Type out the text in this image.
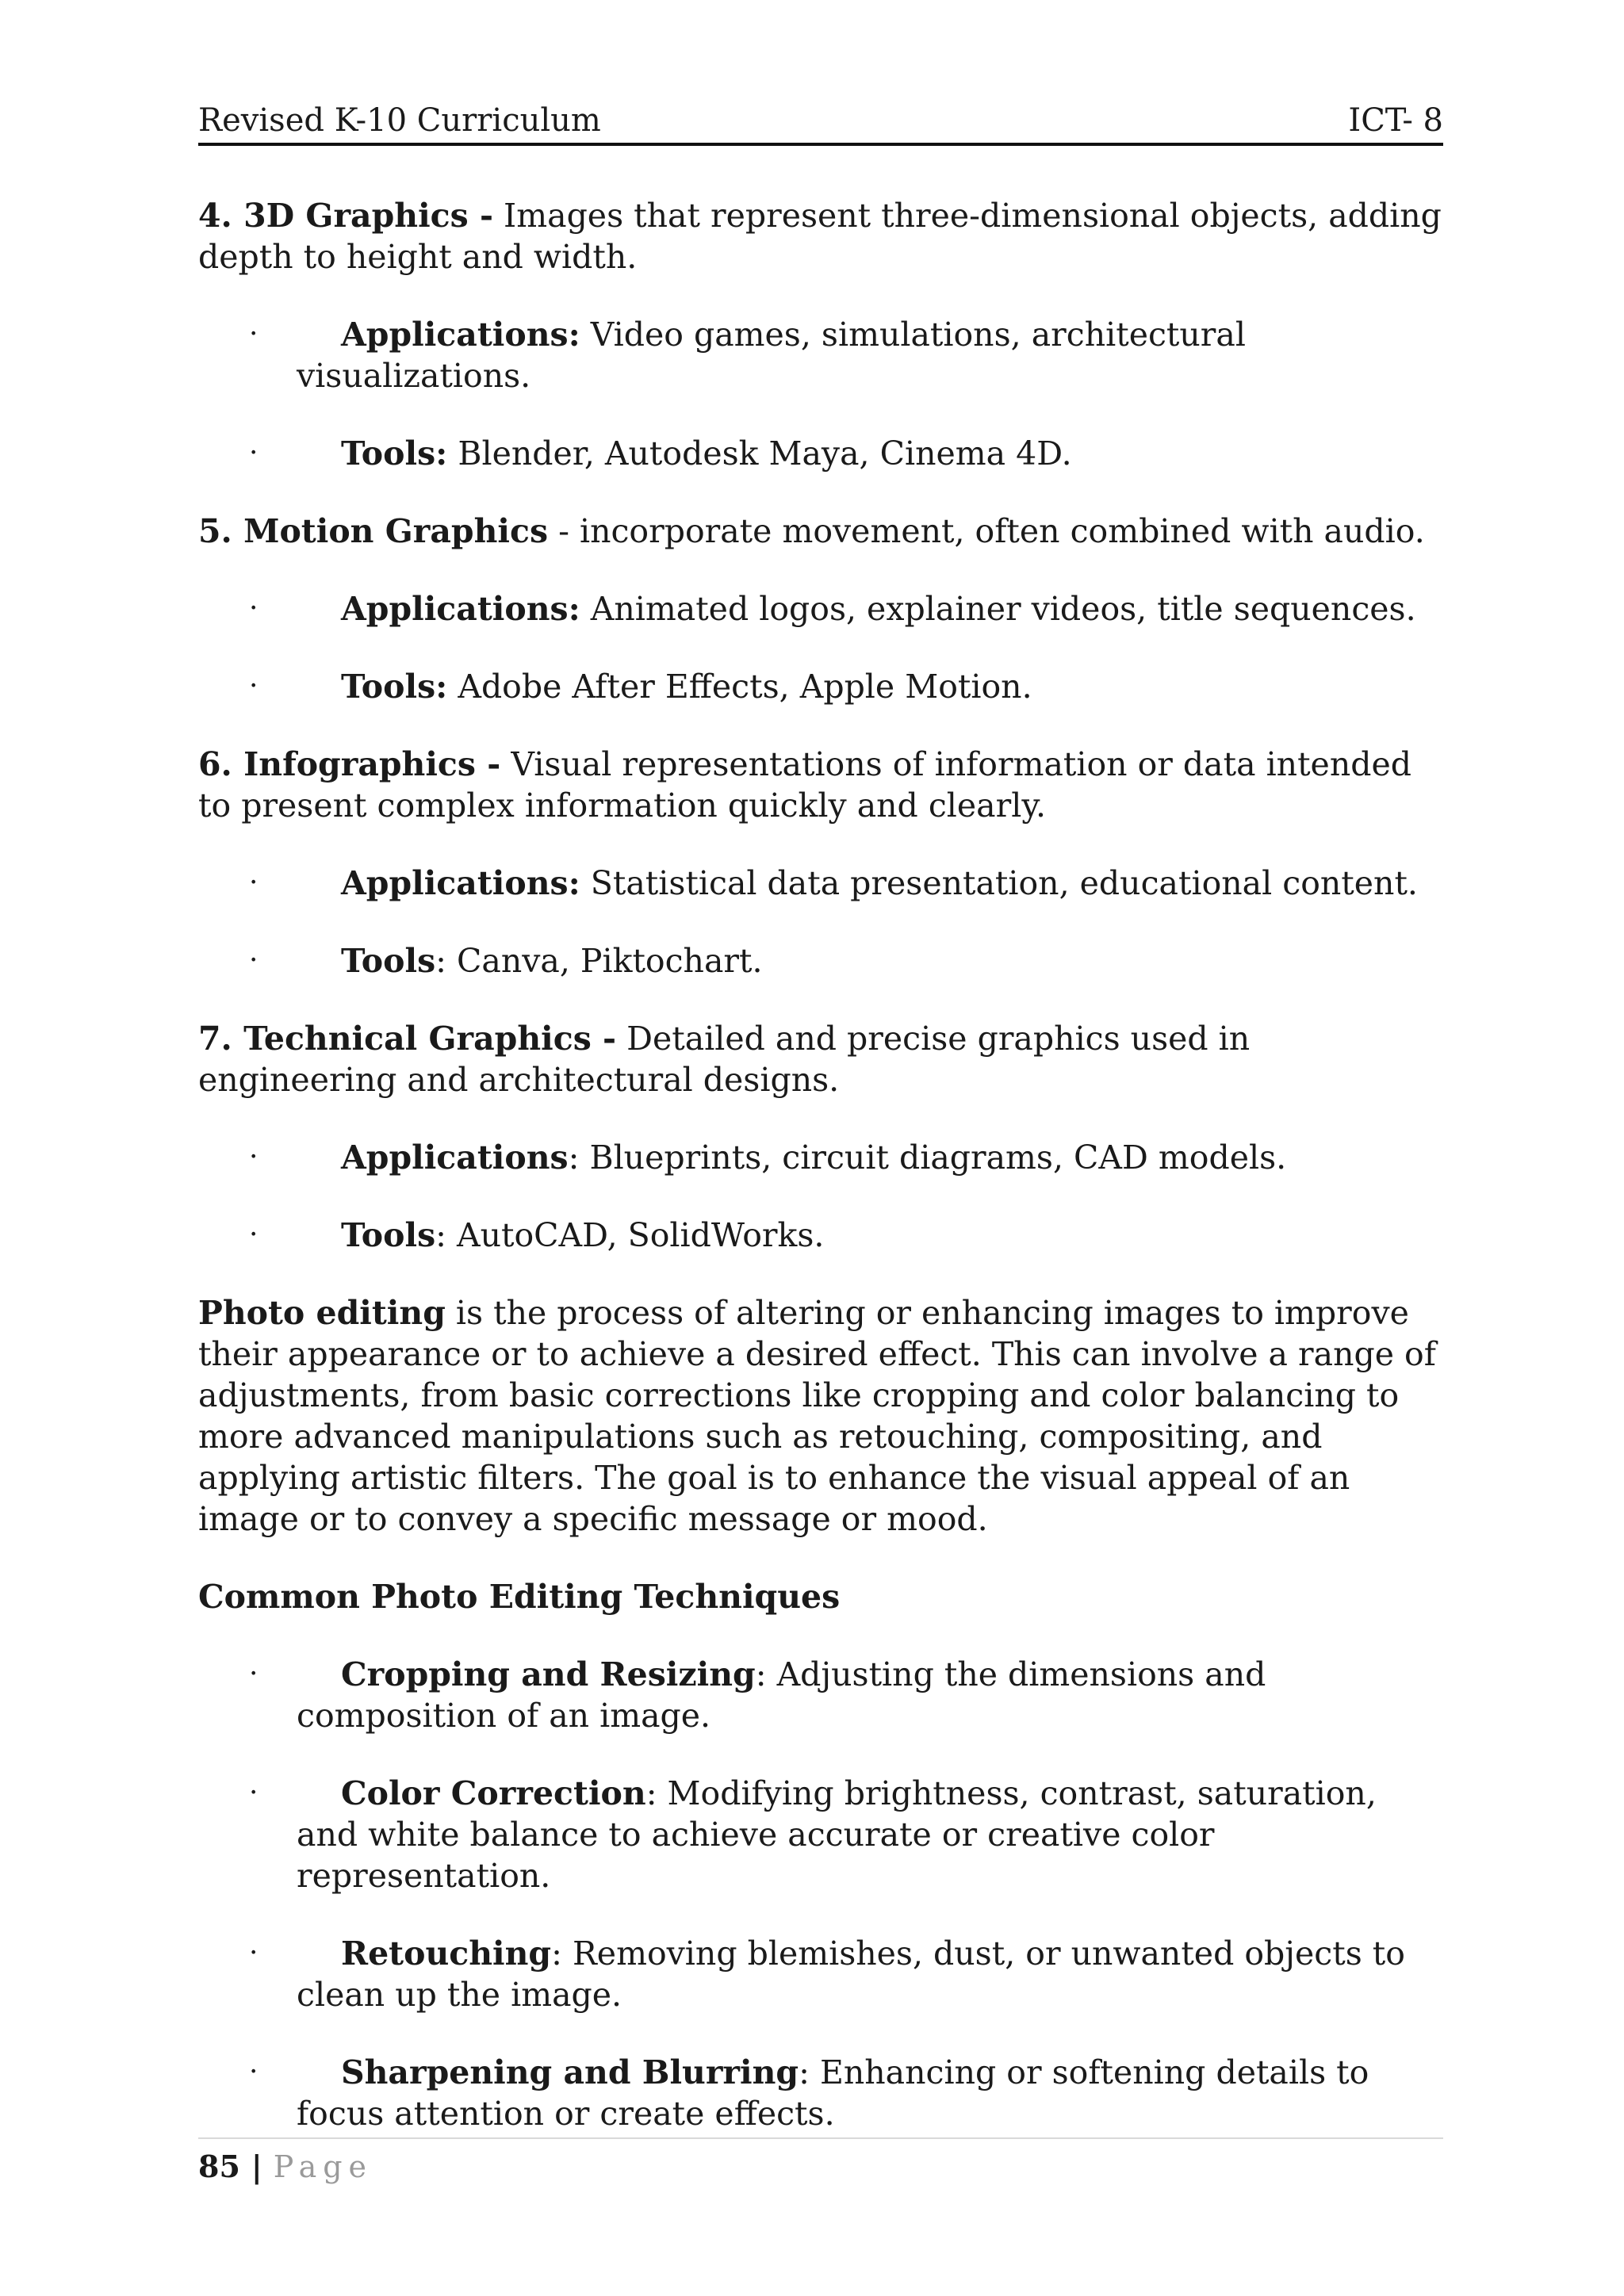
Revised K-10 Curriculum	ICT- 8

4. 3D Graphics - Images that represent three-dimensional objects, adding depth to height and width.

·	Applications: Video games, simulations, architectural visualizations.
·	Tools: Blender, Autodesk Maya, Cinema 4D.

5. Motion Graphics - incorporate movement, often combined with audio.

·	Applications: Animated logos, explainer videos, title sequences.
·	Tools: Adobe After Effects, Apple Motion.

6. Infographics - Visual representations of information or data intended to present complex information quickly and clearly.

·	Applications: Statistical data presentation, educational content.
·	Tools: Canva, Piktochart.

7. Technical Graphics - Detailed and precise graphics used in engineering and architectural designs.

·	Applications: Blueprints, circuit diagrams, CAD models.
·	Tools: AutoCAD, SolidWorks.

Photo editing is the process of altering or enhancing images to improve their appearance or to achieve a desired effect. This can involve a range of adjustments, from basic corrections like cropping and color balancing to more advanced manipulations such as retouching, compositing, and applying artistic filters. The goal is to enhance the visual appeal of an image or to convey a specific message or mood.

Common Photo Editing Techniques

·	Cropping and Resizing: Adjusting the dimensions and composition of an image.
·	Color Correction: Modifying brightness, contrast, saturation, and white balance to achieve accurate or creative color representation.
·	Retouching: Removing blemishes, dust, or unwanted objects to clean up the image.
·	Sharpening and Blurring: Enhancing or softening details to focus attention or create effects.
85 | Page
